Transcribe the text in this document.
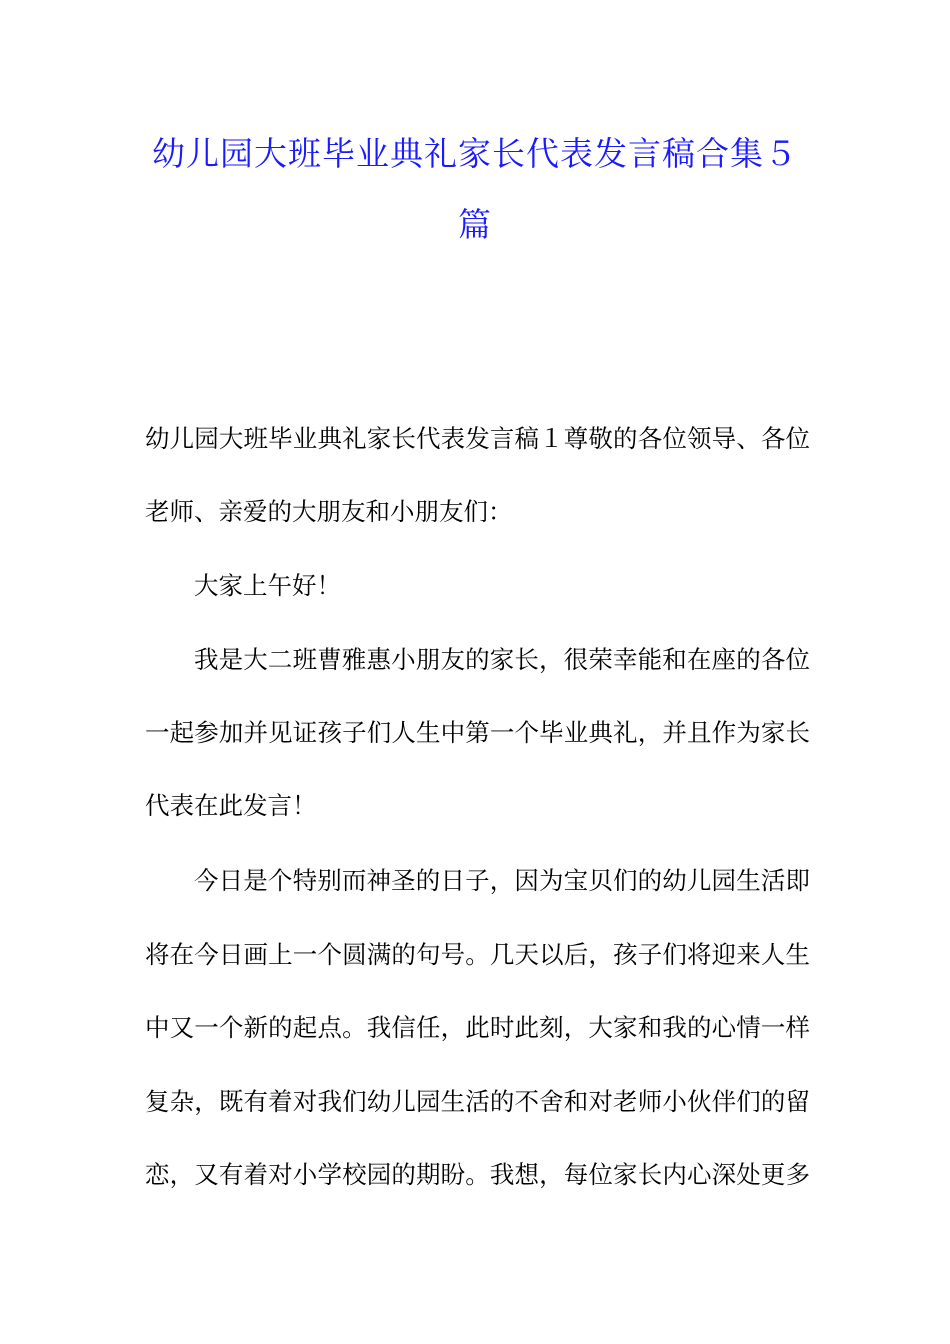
幼儿园大班毕业典礼家长代表发言稿合集５
篇
幼儿园大班毕业典礼家长代表发言稿１尊敬的各位领导、各位
老师、亲爱的大朋友和小朋友们：
大家上午好！
我是大二班曹雅惠小朋友的家长，很荣幸能和在座的各位
一起参加并见证孩子们人生中第一个毕业典礼，并且作为家长
代表在此发言！
今日是个特别而神圣的日子，因为宝贝们的幼儿园生活即
将在今日画上一个圆满的句号。几天以后，孩子们将迎来人生
中又一个新的起点。我信任，此时此刻，大家和我的心情一样
复杂，既有着对我们幼儿园生活的不舍和对老师小伙伴们的留
恋，又有着对小学校园的期盼。我想，每位家长内心深处更多
